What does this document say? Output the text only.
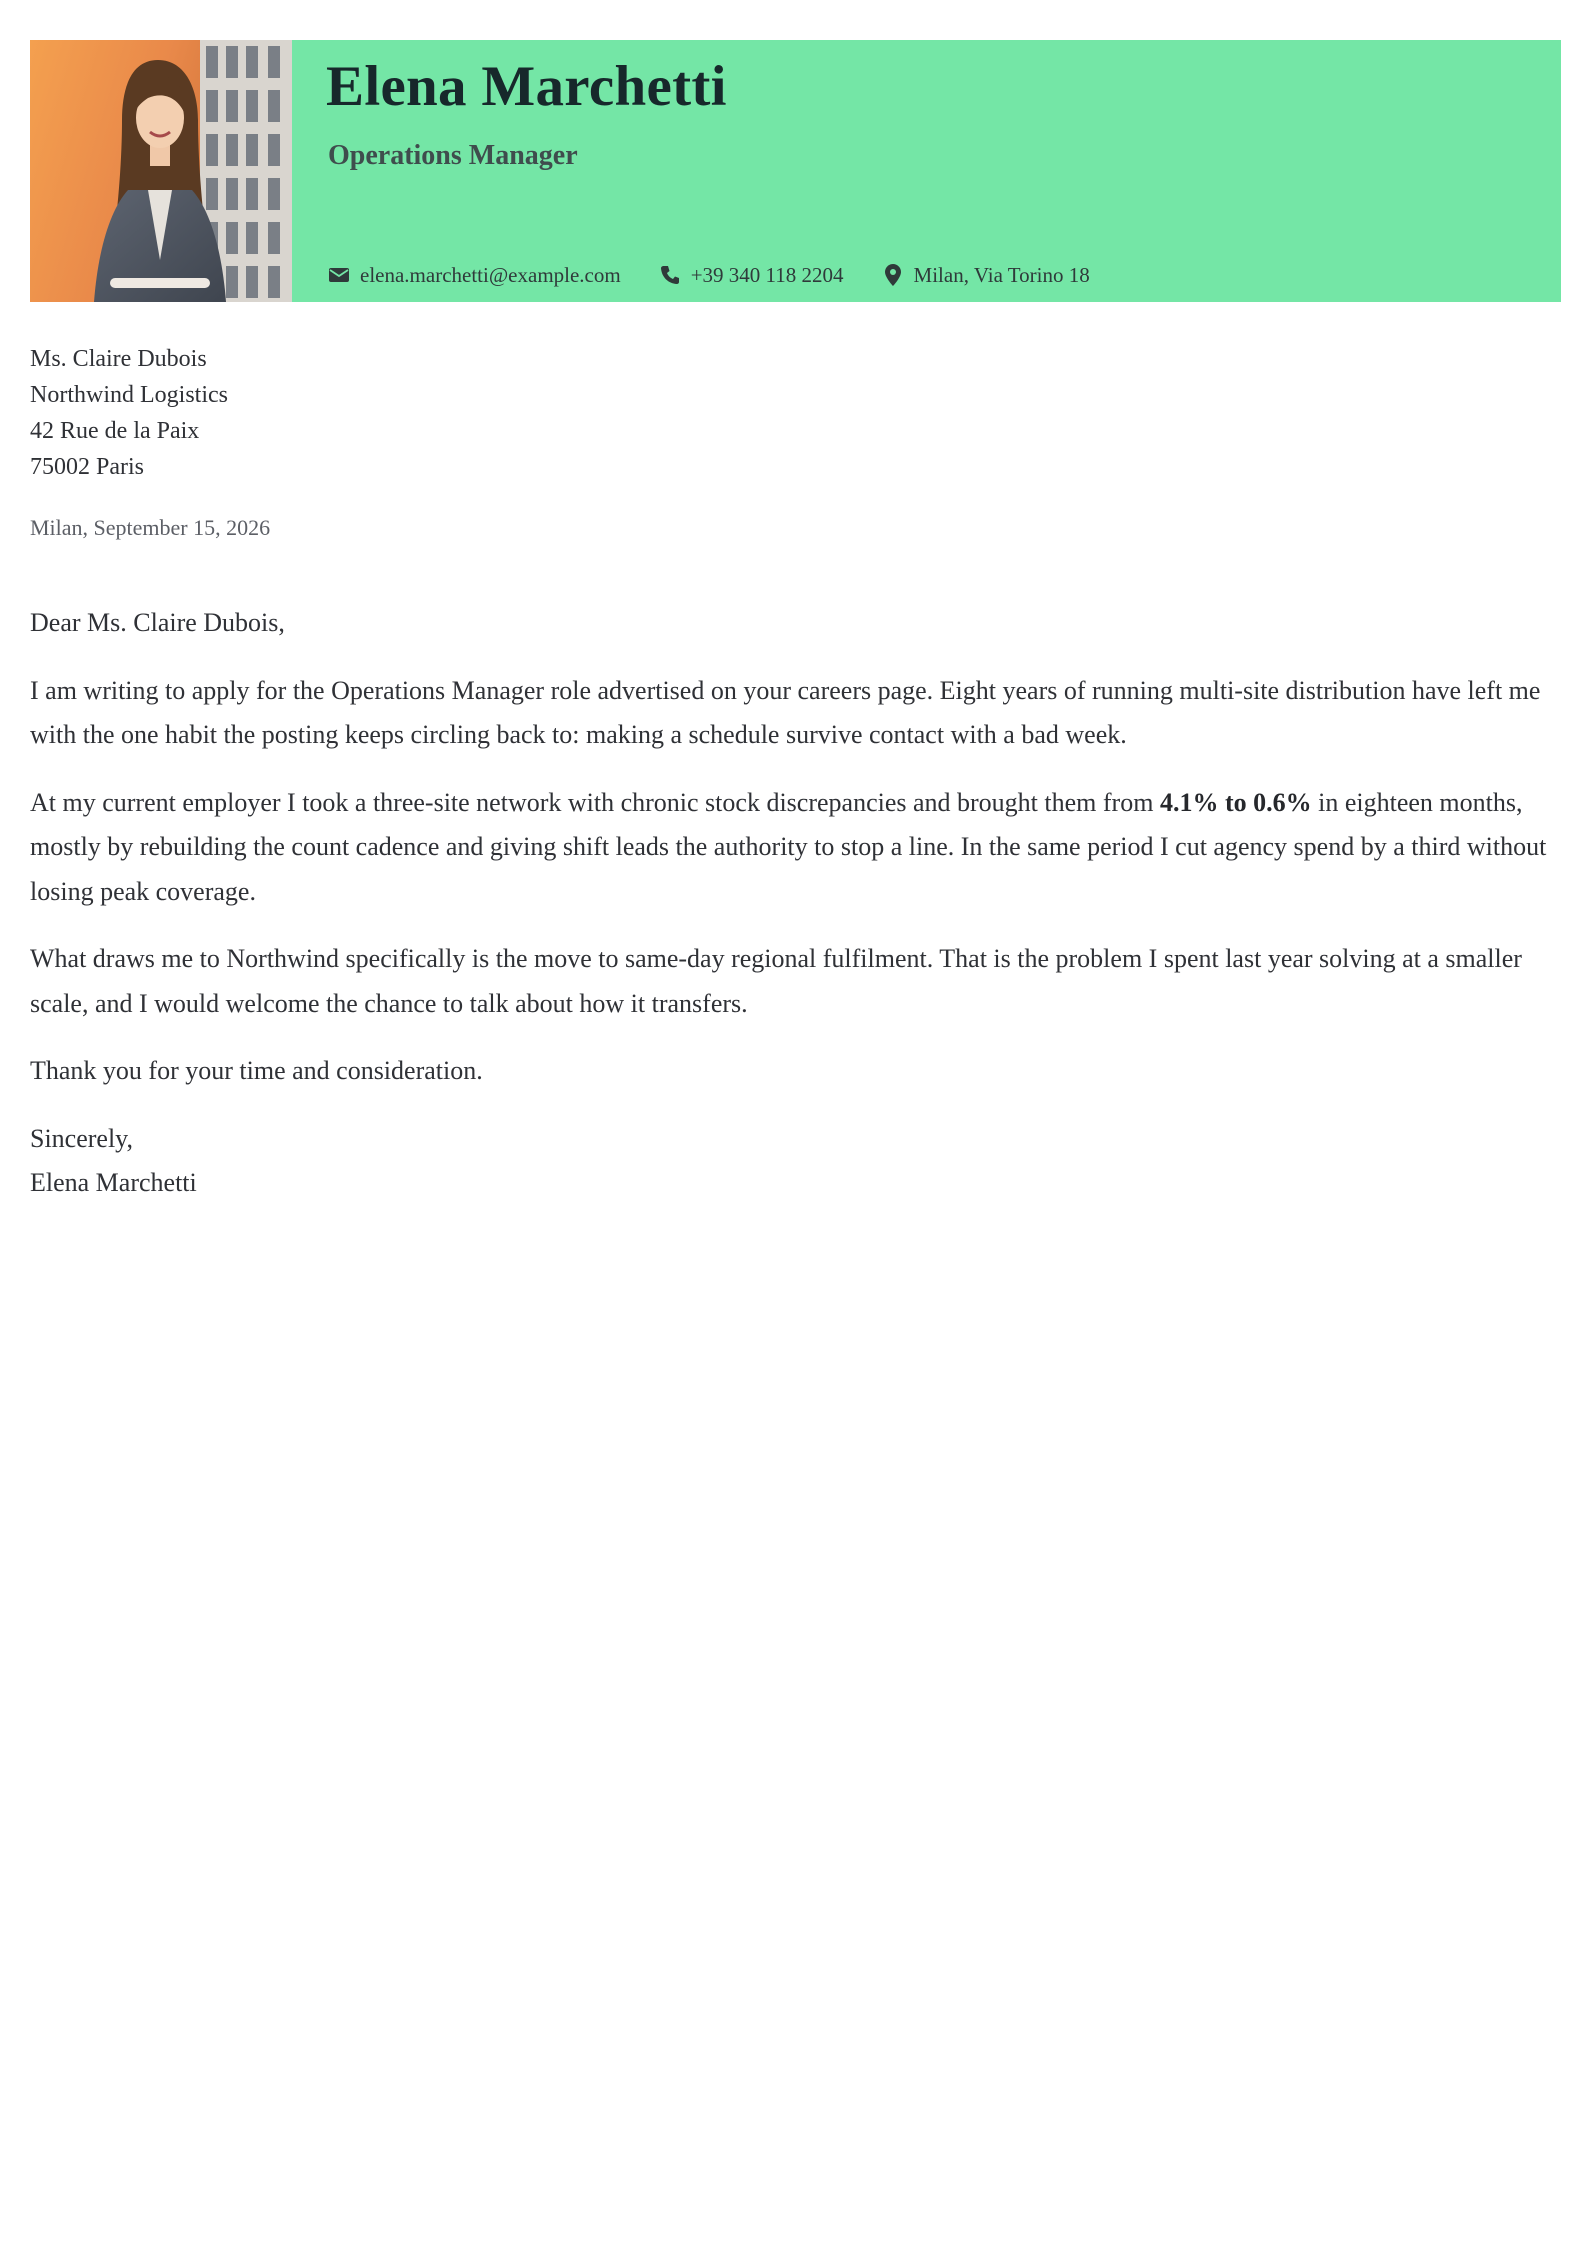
Elena Marchetti
Operations Manager
elena.marchetti@example.com	+39 340 118 2204	Milan, Via Torino 18
Ms. Claire Dubois
Northwind Logistics
42 Rue de la Paix
75002 Paris
Milan, September 15, 2026

Dear Ms. Claire Dubois,

I am writing to apply for the Operations Manager role advertised on your careers page. Eight years of running multi-site distribution have left me with the one habit the posting keeps circling back to: making a schedule survive contact with a bad week.

At my current employer I took a three-site network with chronic stock discrepancies and brought them from 4.1% to 0.6% in eighteen months, mostly by rebuilding the count cadence and giving shift leads the authority to stop a line. In the same period I cut agency spend by a third without losing peak coverage.

What draws me to Northwind specifically is the move to same-day regional fulfilment. That is the problem I spent last year solving at a smaller scale, and I would welcome the chance to talk about how it transfers.

Thank you for your time and consideration.

Sincerely,

Elena Marchetti
